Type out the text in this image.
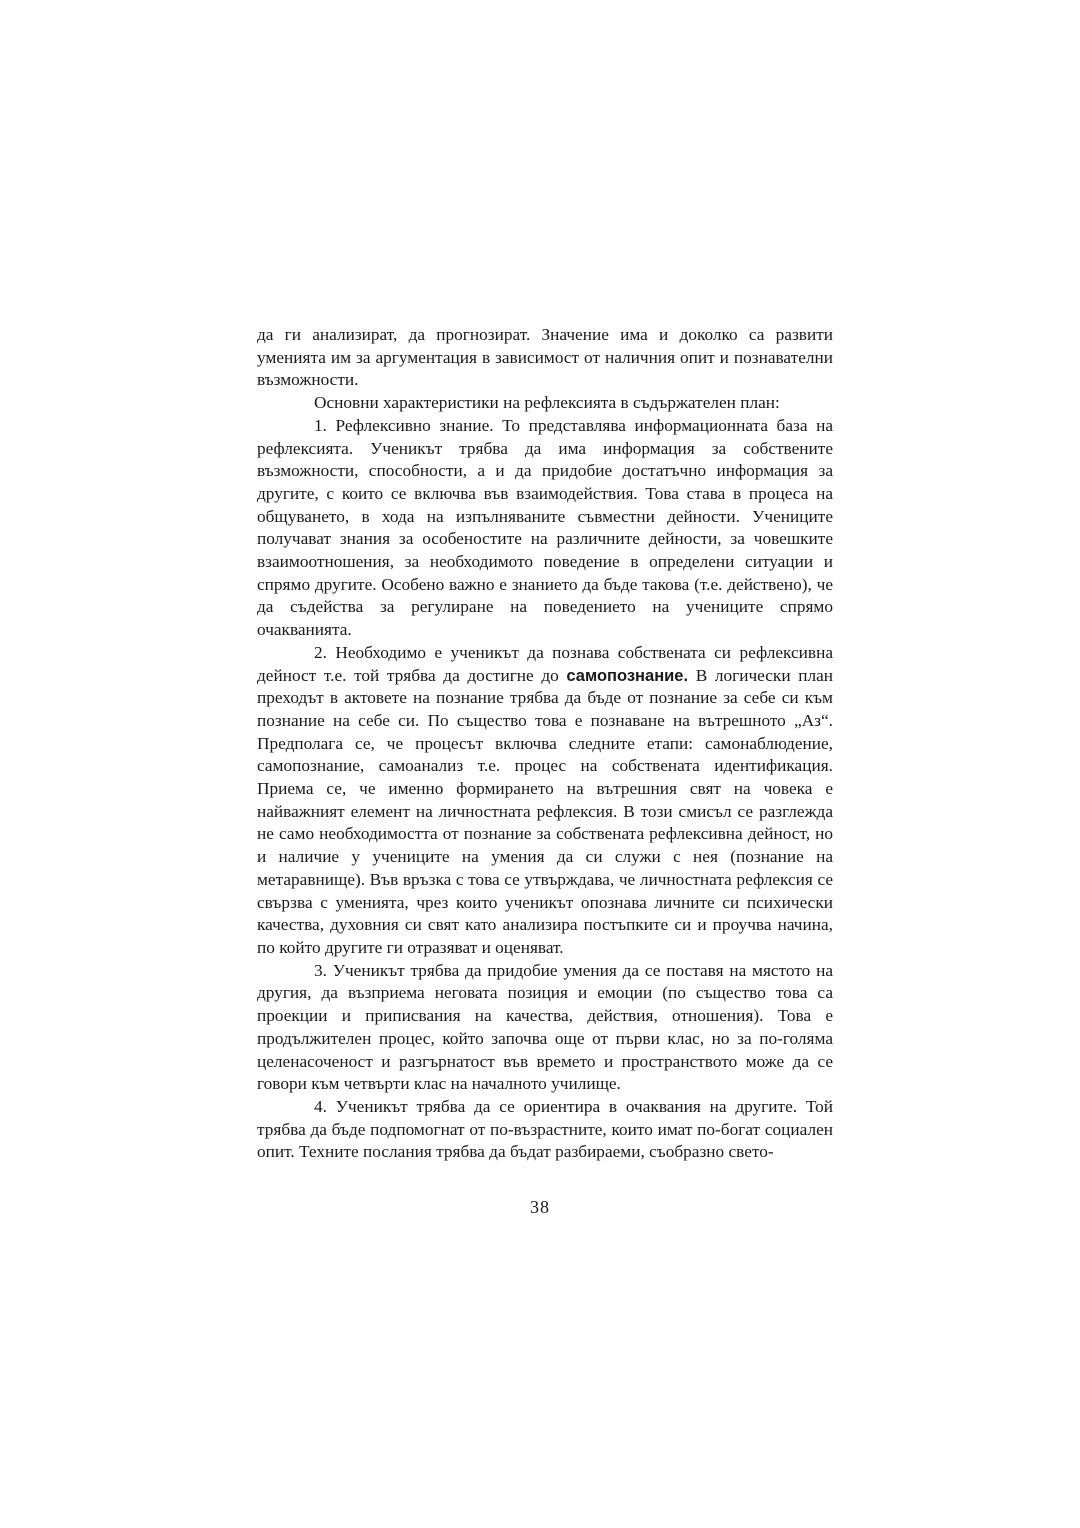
да ги анализират, да прогнозират. Значение има и доколко са развити уменията им за аргументация в зависимост от наличния опит и познавателни възможности.

Основни характеристики на рефлексията в съдържателен план:

1. Рефлексивно знание. То представлява информационната база на рефлексията. Ученикът трябва да има информация за собствените възможности, способности, а и да придобие достатъчно информация за другите, с които се включва във взаимодействия. Това става в процеса на общуването, в хода на изпълняваните съвместни дейности. Учениците получават знания за особеностите на различните дейности, за човешките взаимоотношения, за необходимото поведение в определени ситуации и спрямо другите. Особено важно е знанието да бъде такова (т.е. действено), че да съдейства за регулиране на поведението на учениците спрямо очакванията.

2. Необходимо е ученикът да познава собствената си рефлексивна дейност т.е. той трябва да достигне до самопознание. В логически план преходът в актовете на познание трябва да бъде от познание за себе си към познание на себе си. По същество това е познаване на вътрешното „Аз“. Предполага се, че процесът включва следните етапи: самонаблюдение, самопознание, самоанализ т.е. процес на собствената идентификация. Приема се, че именно формирането на вътрешния свят на човека е найважният елемент на личностната рефлексия. В този смисъл се разглежда не само необходимостта от познание за собствената рефлексивна дейност, но и наличие у учениците на умения да си служи с нея (познание на метаравнище). Във връзка с това се утвърждава, че личностната рефлексия се свързва с уменията, чрез които ученикът опознава личните си психически качества, духовния си свят като анализира постъпките си и проучва начина, по който другите ги отразяват и оценяват.

3. Ученикът трябва да придобие умения да се поставя на мястото на другия, да възприема неговата позиция и емоции (по същество това са проекции и приписвания на качества, действия, отношения). Това е продължителен процес, който започва още от първи клас, но за по-голяма целенасоченост и разгърнатост във времето и пространството може да се говори към четвърти клас на началното училище.

4. Ученикът трябва да се ориентира в очаквания на другите. Той трябва да бъде подпомогнат от по-възрастните, които имат по-богат социален опит. Техните послания трябва да бъдат разбираеми, съобразно свето-

38
